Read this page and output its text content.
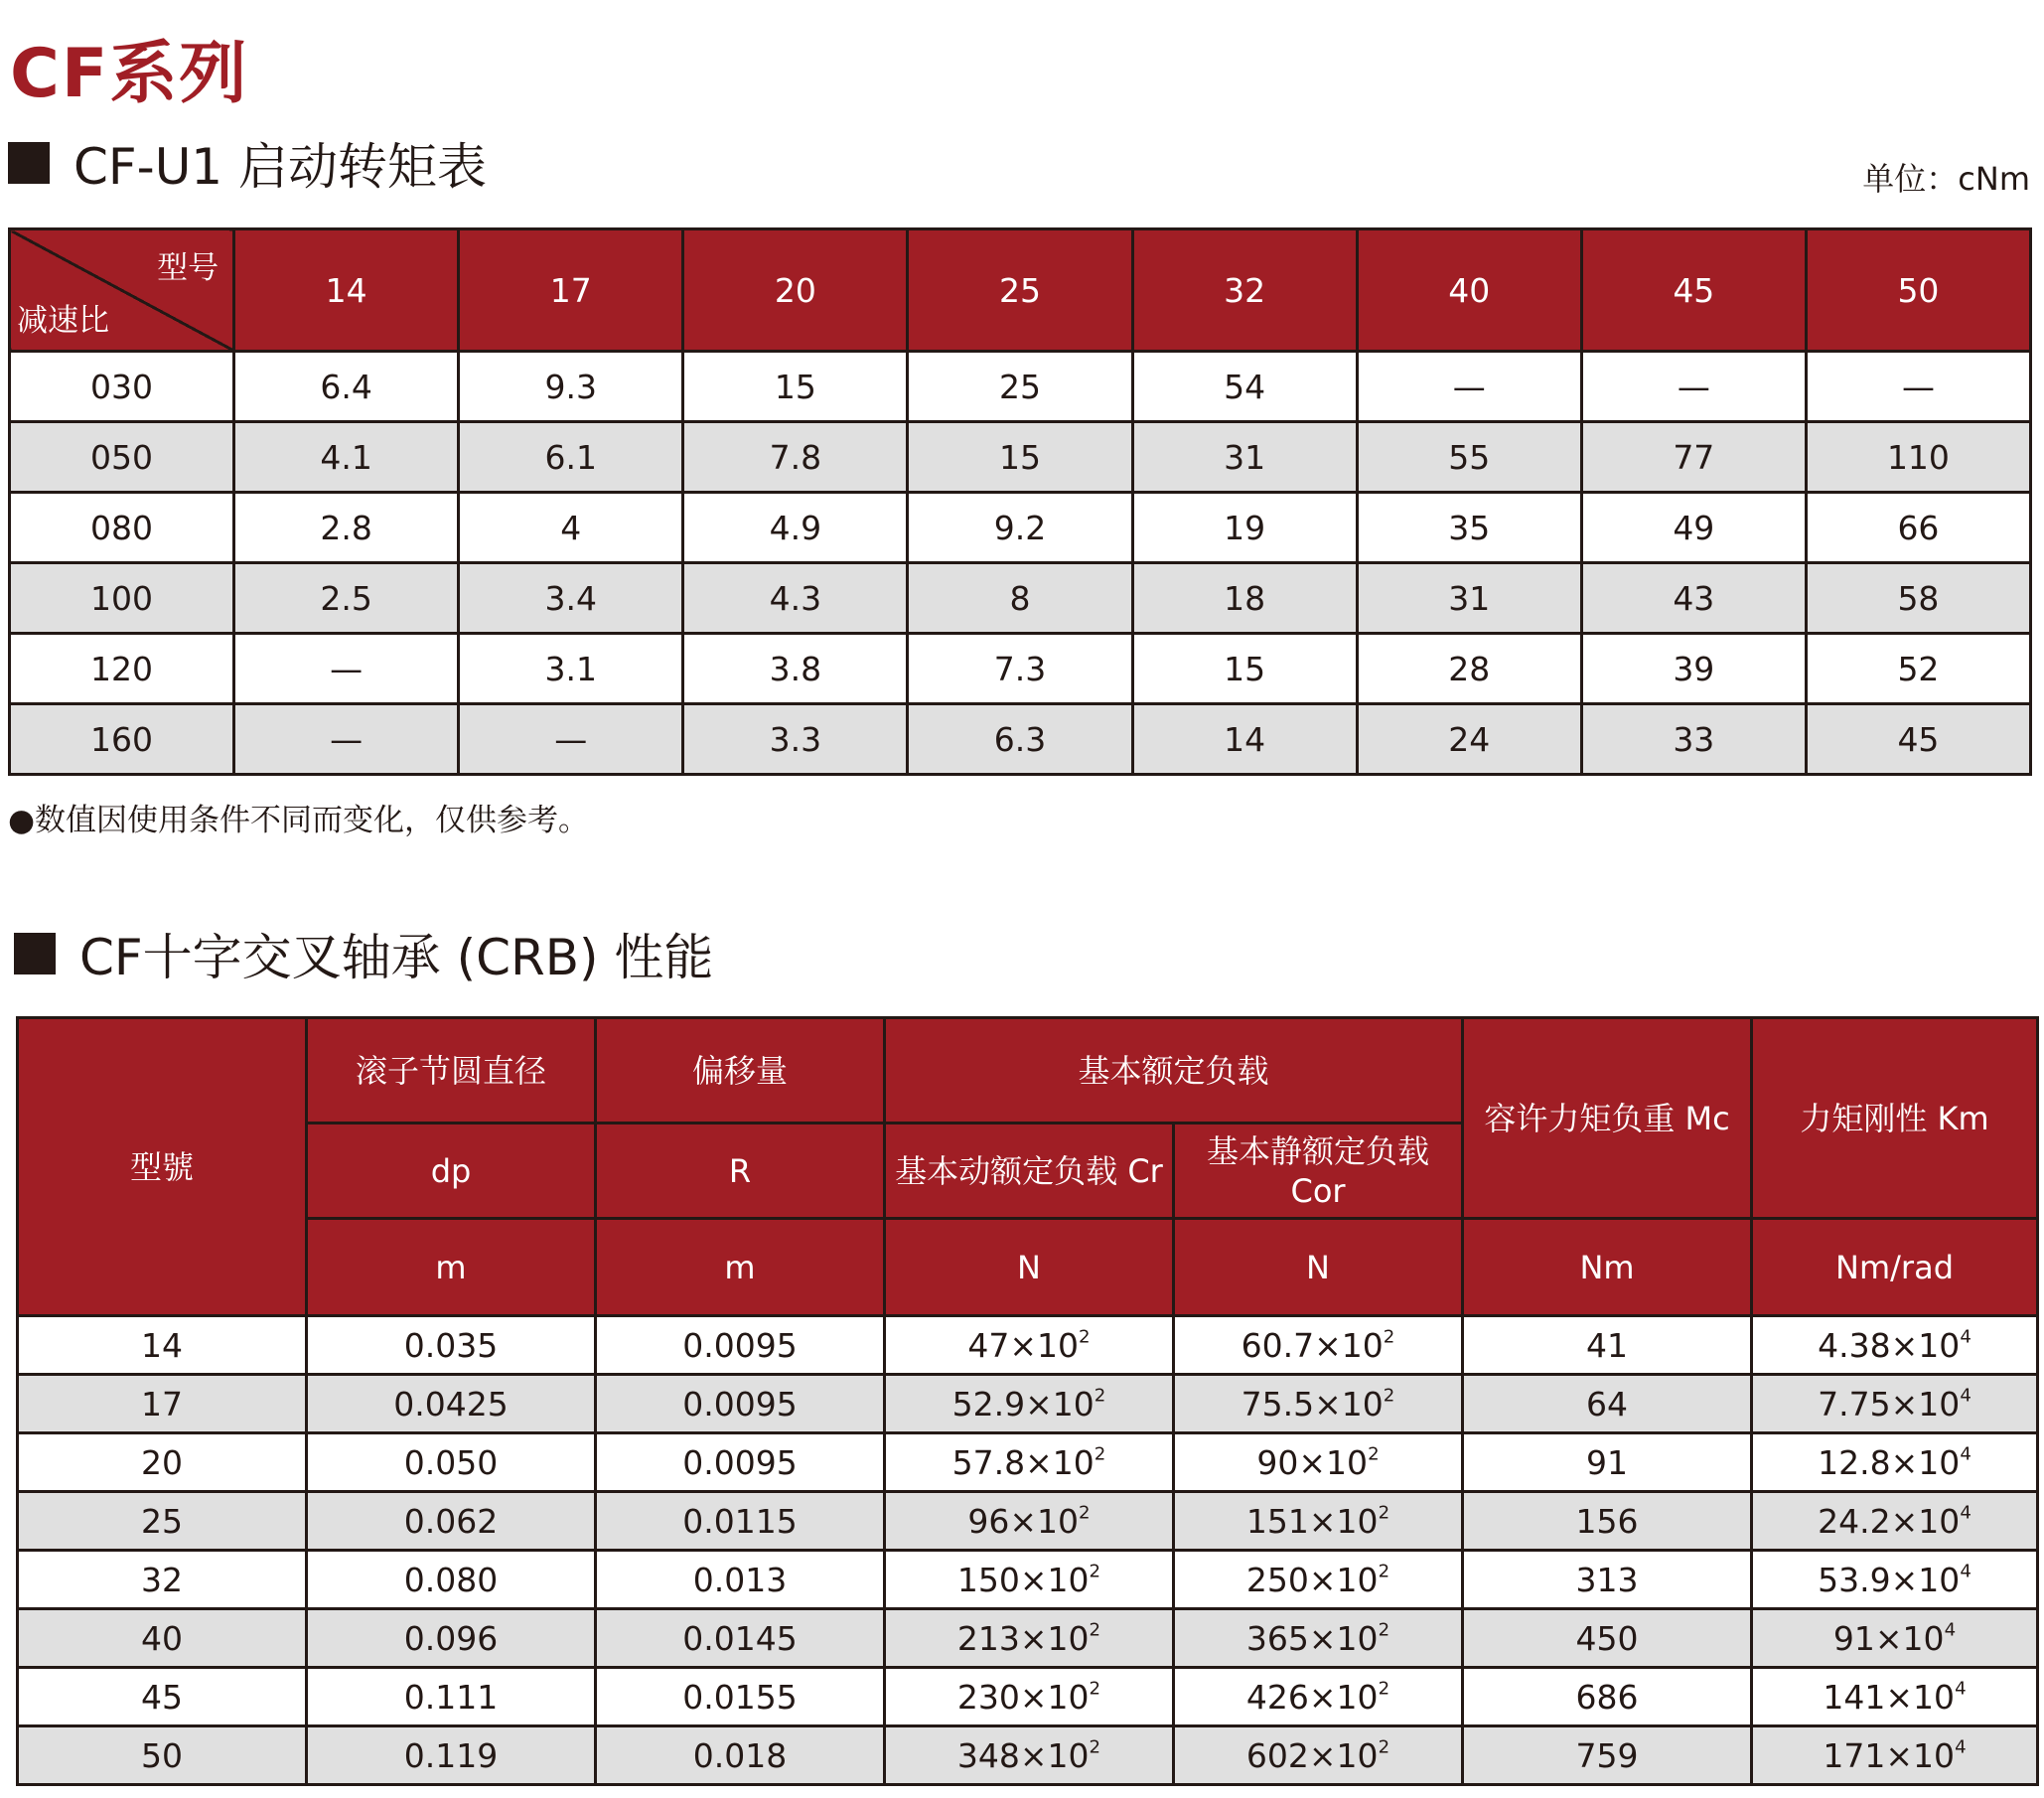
CF系列
CF-U1 启动转矩表	单位：cNm
型号
减速比	14	17	20	25	32	40	45	50
030	6.4	9.3	15	25	54	—	—	—
050	4.1	6.1	7.8	15	31	55	77	110
080	2.8	4	4.9	9.2	19	35	49	66
100	2.5	3.4	4.3	8	18	31	43	58
120	—	3.1	3.8	7.3	15	28	39	52
160	—	—	3.3	6.3	14	24	33	45
●数值因使用条件不同而变化，仅供参考。
CF十字交叉轴承 (CRB) 性能
型號	滚子节圆直径	偏移量	基本额定负载		容许力矩负重 Mc	力矩刚性 Km
	dp	R	基本动额定负载 Cr	基本静额定负载
Cor		
	m	m	N	N	Nm	Nm/rad
14	0.035	0.0095	$47\times 10^2$	$60.7\times 10^2$	41	$4.38\times 10^4$
17	0.0425	0.0095	$52.9\times 10^2$	$75.5\times 10^2$	64	$7.75\times 10^4$
20	0.050	0.0095	$57.8\times 10^2$	$90\times 10^2$	91	$12.8\times 10^4$
25	0.062	0.0115	$96\times 10^2$	$151\times 10^2$	156	$24.2\times 10^4$
32	0.080	0.013	$150\times 10^2$	$250\times 10^2$	313	$53.9\times 10^4$
40	0.096	0.0145	$213\times 10^2$	$365\times 10^2$	450	$91\times 10^4$
45	0.111	0.0155	$230\times 10^2$	$426\times 10^2$	686	$141\times 10^4$
50	0.119	0.018	$348\times 10^2$	$602\times 10^2$	759	$171\times 10^4$
